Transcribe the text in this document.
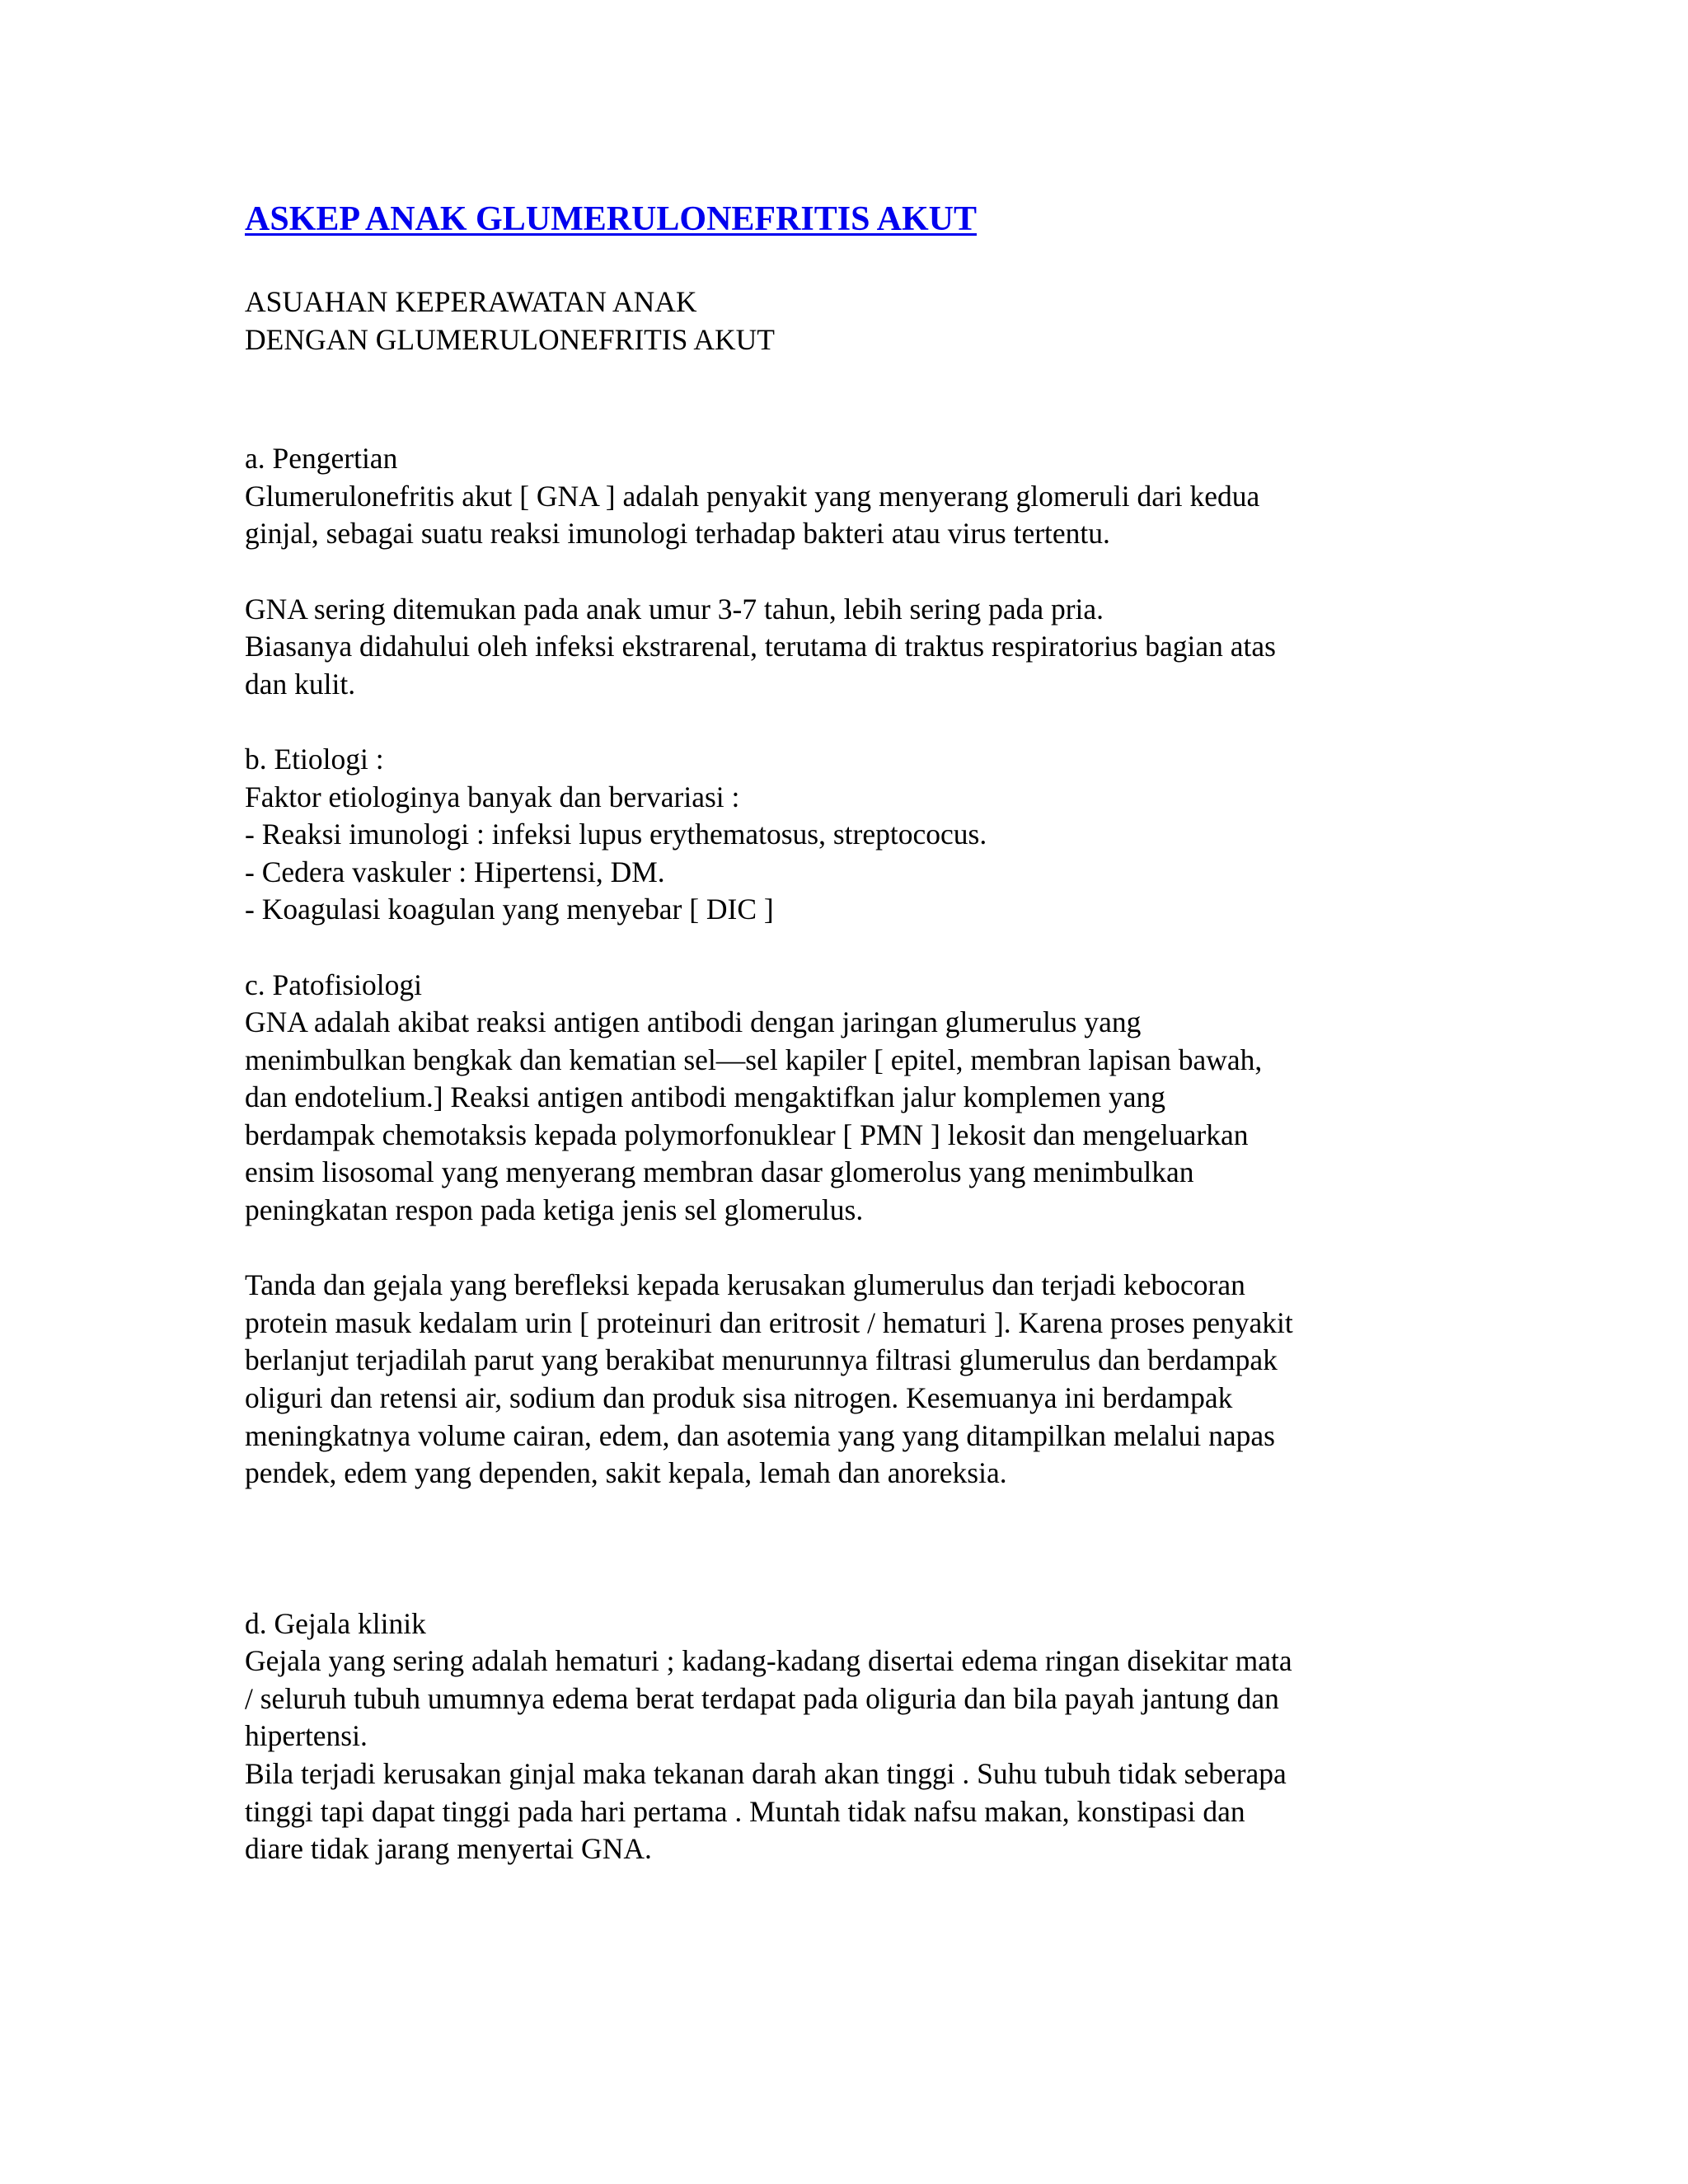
ASKEP ANAK GLUMERULONEFRITIS AKUT

ASUAHAN KEPERAWATAN ANAK

DENGAN GLUMERULONEFRITIS AKUT

a. Pengertian

Glumerulonefritis akut [ GNA ] adalah penyakit yang menyerang glomeruli dari kedua

ginjal, sebagai suatu reaksi imunologi terhadap bakteri atau virus tertentu.

GNA sering ditemukan pada anak umur 3-7 tahun, lebih sering pada pria.

Biasanya didahului oleh infeksi ekstrarenal, terutama di traktus respiratorius bagian atas

dan kulit.

b. Etiologi :

Faktor etiologinya banyak dan bervariasi :

- Reaksi imunologi : infeksi lupus erythematosus, streptococus.

- Cedera vaskuler : Hipertensi, DM.

- Koagulasi koagulan yang menyebar [ DIC ]

c. Patofisiologi

GNA adalah akibat reaksi antigen antibodi dengan jaringan glumerulus yang

menimbulkan bengkak dan kematian sel—sel kapiler [ epitel, membran lapisan bawah,

dan endotelium.] Reaksi antigen antibodi mengaktifkan jalur komplemen yang

berdampak chemotaksis kepada polymorfonuklear [ PMN ] lekosit dan mengeluarkan

ensim lisosomal yang menyerang membran dasar glomerolus yang menimbulkan

peningkatan respon pada ketiga jenis sel glomerulus.

Tanda dan gejala yang berefleksi kepada kerusakan glumerulus dan terjadi kebocoran

protein masuk kedalam urin [ proteinuri dan eritrosit / hematuri ]. Karena proses penyakit

berlanjut terjadilah parut yang berakibat menurunnya filtrasi glumerulus dan berdampak

oliguri dan retensi air, sodium dan produk sisa nitrogen. Kesemuanya ini berdampak

meningkatnya volume cairan, edem, dan asotemia yang yang ditampilkan melalui napas

pendek, edem yang dependen, sakit kepala, lemah dan anoreksia.

d. Gejala klinik

Gejala yang sering adalah hematuri ; kadang-kadang disertai edema ringan disekitar mata

/ seluruh tubuh umumnya edema berat terdapat pada oliguria dan bila payah jantung dan

hipertensi.

Bila terjadi kerusakan ginjal maka tekanan darah akan tinggi . Suhu tubuh tidak seberapa

tinggi tapi dapat tinggi pada hari pertama . Muntah tidak nafsu makan, konstipasi dan

diare tidak jarang menyertai GNA.
